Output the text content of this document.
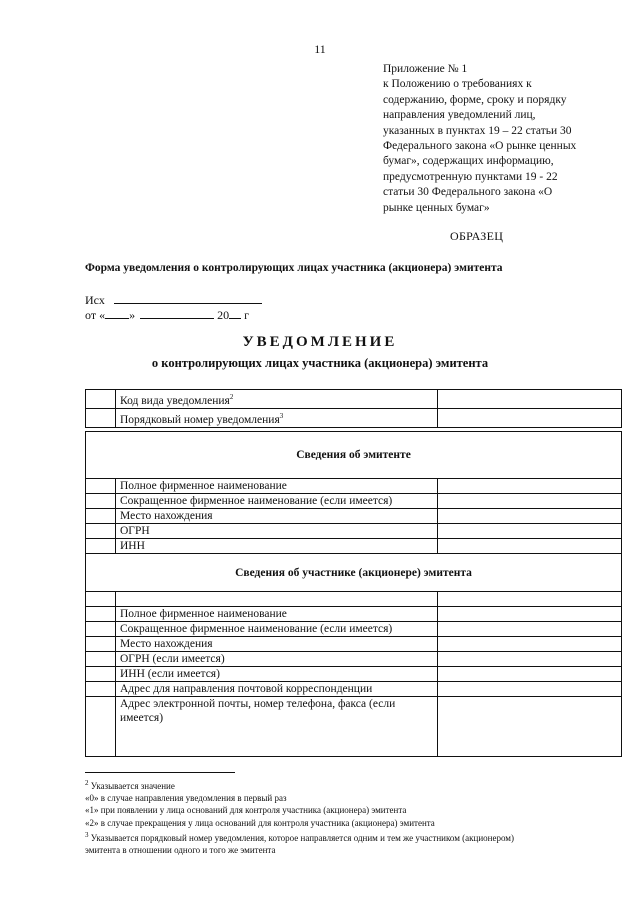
11
Приложение № 1
к Положению о требованиях к
содержанию, форме, сроку и порядку
направления уведомлений лиц,
указанных в пунктах 19 – 22 статьи 30
Федерального закона «О рынке ценных
бумаг», содержащих информацию,
предусмотренную пунктами 19 - 22
статьи 30 Федерального закона «О
рынке ценных бумаг»
ОБРАЗЕЦ
Форма уведомления о контролирующих лицах участника (акционера) эмитента
Исх
от « »	20 г
УВЕДОМЛЕНИЕ
о контролирующих лицах участника (акционера) эмитента
	Код вида уведомления$^2$	
	Порядковый номер уведомления$^3$	
Сведения об эмитенте		
	Полное фирменное наименование	
	Сокращенное фирменное наименование (если имеется)	
	Место нахождения	
	ОГРН	
	ИНН	
Сведения об участнике (акционере) эмитента		

	Полное фирменное наименование	
	Сокращенное фирменное наименование (если имеется)	
	Место нахождения	
	ОГРН (если имеется)	
	ИНН (если имеется)	
	Адрес для направления почтовой корреспонденции	
	Адрес электронной почты, номер телефона, факса (если имеется)	
$^2$ Указывается значение
«0» в случае направления уведомления в первый раз
«1» при появлении у лица оснований для контроля участника (акционера) эмитента
«2» в случае прекращения у лица оснований для контроля участника (акционера) эмитента
$^3$ Указывается порядковый номер уведомления, которое направляется одним и тем же участником (акционером)
эмитента в отношении одного и того же эмитента
